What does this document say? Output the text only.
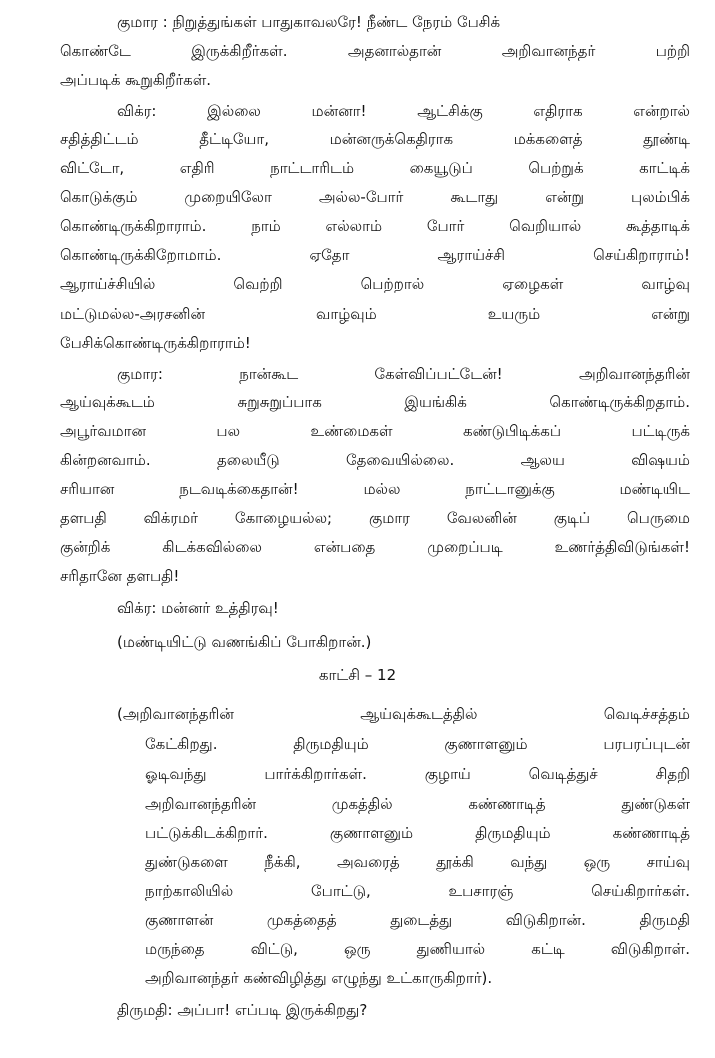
குமார : நிறுத்துங்கள் பாதுகாவலரே! நீண்ட நேரம் பேசிக்
கொண்டே இருக்கிறீர்கள். அதனால்தான் அறிவானந்தர் பற்றி
அப்படிக் கூறுகிறீர்கள்.
விக்ர: இல்லை மன்னா! ஆட்சிக்கு எதிராக என்றால்
சதித்திட்டம் தீட்டியோ, மன்னருக்கெதிராக மக்களைத் தூண்டி
விட்டோ, எதிரி நாட்டாரிடம் கையூடுப் பெற்றுக் காட்டிக்
கொடுக்கும் முறையிலோ அல்ல-போர் கூடாது என்று புலம்பிக்
கொண்டிருக்கிறாராம். நாம் எல்லாம் போர் வெறியால் கூத்தாடிக்
கொண்டிருக்கிறோமாம். ஏதோ ஆராய்ச்சி செய்கிறாராம்!
ஆராய்ச்சியில் வெற்றி பெற்றால் ஏழைகள் வாழ்வு
மட்டுமல்ல-அரசனின் வாழ்வும் உயரும் என்று
பேசிக்கொண்டிருக்கிறாராம்!
குமார: நான்கூட கேள்விப்பட்டேன்! அறிவானந்தரின்
ஆய்வுக்கூடம் சுறுசுறுப்பாக இயங்கிக் கொண்டிருக்கிறதாம்.
அபூர்வமான பல உண்மைகள் கண்டுபிடிக்கப் பட்டிருக்
கின்றனவாம். தலையீடு தேவையில்லை. ஆலய விஷயம்
சரியான நடவடிக்கைதான்! மல்ல நாட்டானுக்கு மண்டியிட
தளபதி விக்ரமர் கோழையல்ல; குமார வேலனின் குடிப் பெருமை
குன்றிக் கிடக்கவில்லை என்பதை முறைப்படி உணர்த்திவிடுங்கள்!
சரிதானே தளபதி!
விக்ர: மன்னர் உத்திரவு!
(மண்டியிட்டு வணங்கிப் போகிறான்.)
காட்சி – 12
(அறிவானந்தரின் ஆய்வுக்கூடத்தில் வெடிச்சத்தம்
கேட்கிறது. திருமதியும் குணாளனும் பரபரப்புடன்
ஓடிவந்து பார்க்கிறார்கள். குழாய் வெடித்துச் சிதறி
அறிவானந்தரின் முகத்தில் கண்ணாடித் துண்டுகள்
பட்டுக்கிடக்கிறார். குணாளனும் திருமதியும் கண்ணாடித்
துண்டுகளை நீக்கி, அவரைத் தூக்கி வந்து ஒரு சாய்வு
நாற்காலியில் போட்டு, உபசாரஞ் செய்கிறார்கள்.
குணாளன் முகத்தைத் துடைத்து விடுகிறான். திருமதி
மருந்தை விட்டு, ஒரு துணியால் கட்டி விடுகிறாள்.
அறிவானந்தர் கண்விழித்து எழுந்து உட்காருகிறார்).
திருமதி: அப்பா! எப்படி இருக்கிறது?
